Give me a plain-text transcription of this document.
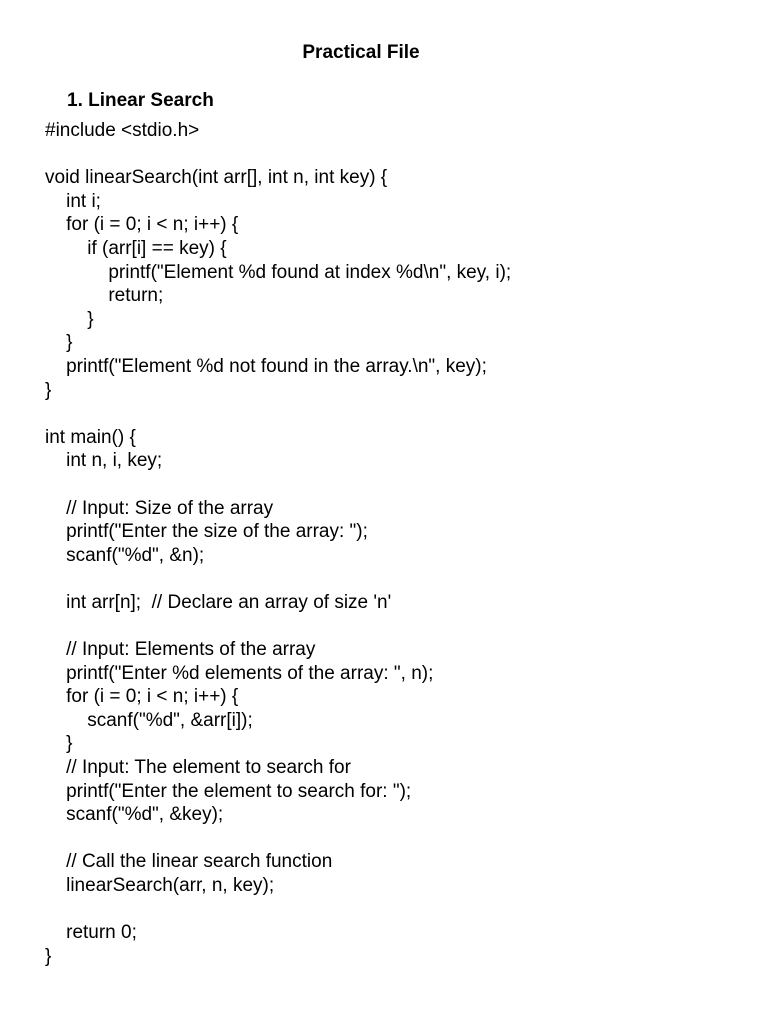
Practical File
1. Linear Search
#include <stdio.h>
void linearSearch(int arr[], int n, int key) {
int i;
for (i = 0; i < n; i++) {
if (arr[i] == key) {
printf("Element %d found at index %d\n", key, i);
return;
}
}
printf("Element %d not found in the array.\n", key);
}
int main() {
int n, i, key;
// Input: Size of the array
printf("Enter the size of the array: ");
scanf("%d", &n);
int arr[n];  // Declare an array of size 'n'
// Input: Elements of the array
printf("Enter %d elements of the array: ", n);
for (i = 0; i < n; i++) {
scanf("%d", &arr[i]);
}
// Input: The element to search for
printf("Enter the element to search for: ");
scanf("%d", &key);
// Call the linear search function
linearSearch(arr, n, key);
return 0;
}
